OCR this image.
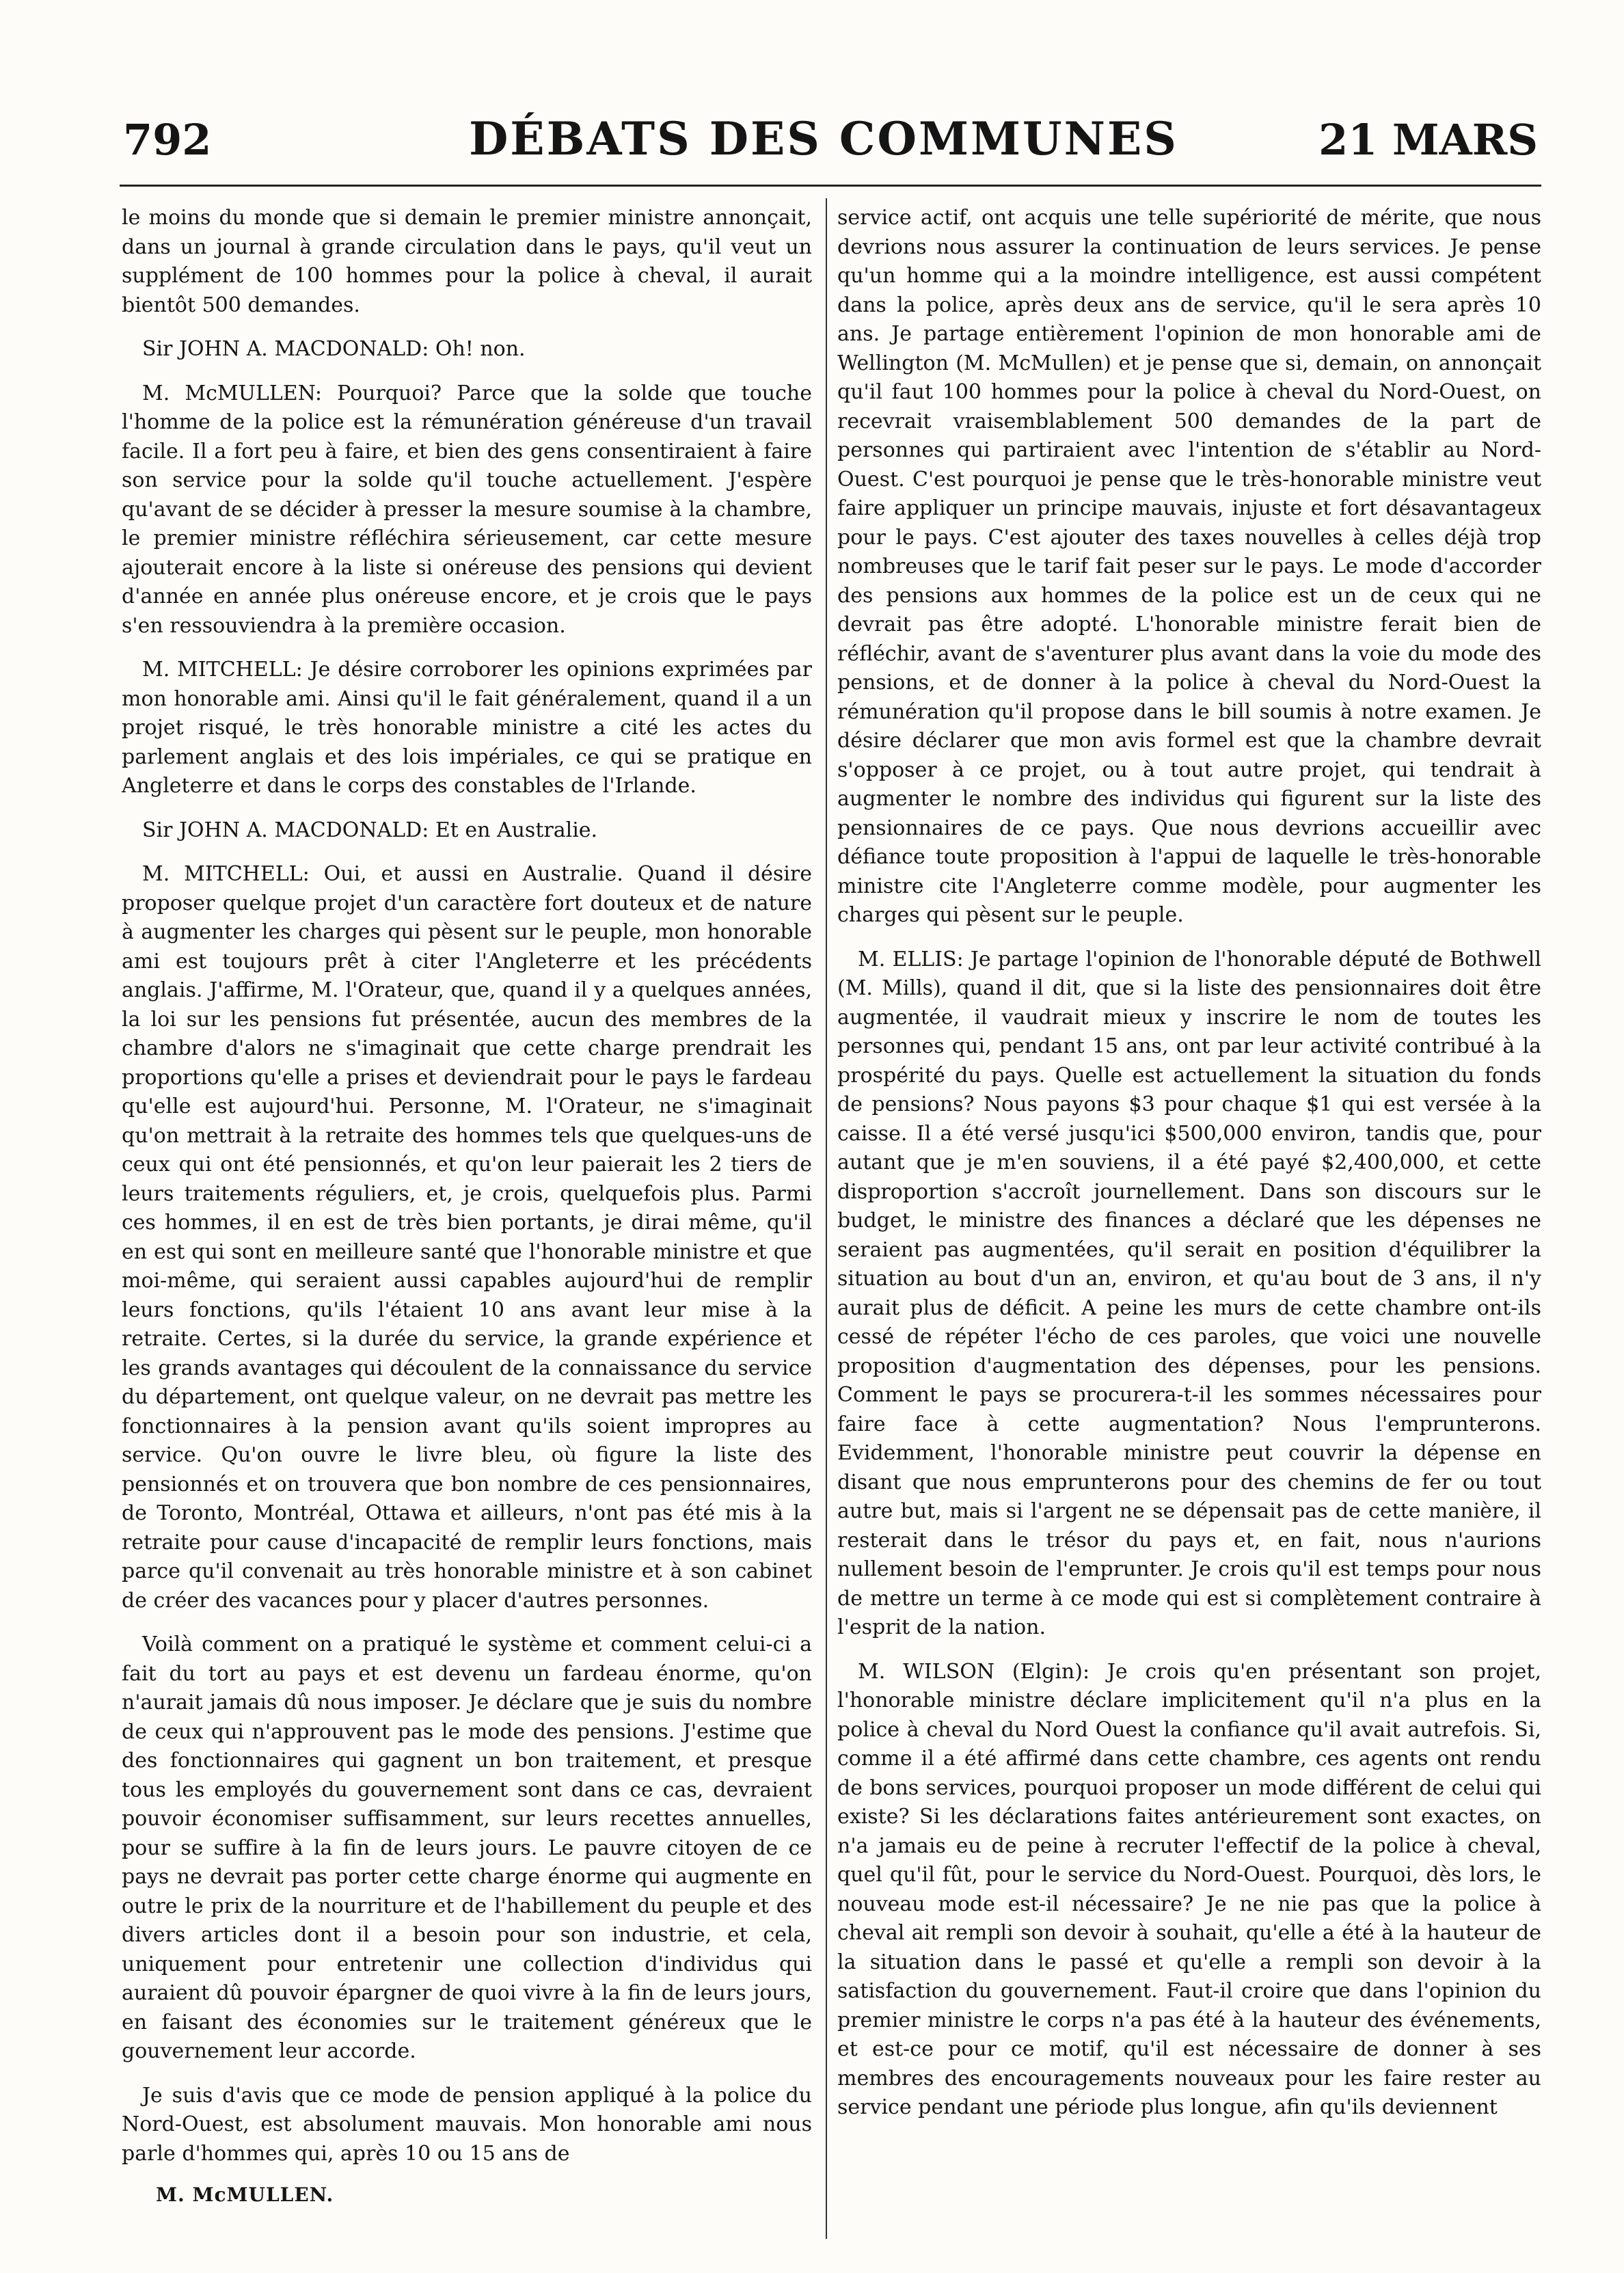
792	DÉBATS DES COMMUNES	21 MARS

le moins du monde que si demain le premier ministre annonçait, dans un journal à grande circulation dans le pays, qu'il veut un supplément de 100 hommes pour la police à cheval, il aurait bientôt 500 demandes.

Sir JOHN A. MACDONALD: Oh! non.

M. McMULLEN: Pourquoi? Parce que la solde que touche l'homme de la police est la rémunération généreuse d'un travail facile. Il a fort peu à faire, et bien des gens consentiraient à faire son service pour la solde qu'il touche actuellement. J'espère qu'avant de se décider à presser la mesure soumise à la chambre, le premier ministre réfléchira sérieusement, car cette mesure ajouterait encore à la liste si onéreuse des pensions qui devient d'année en année plus onéreuse encore, et je crois que le pays s'en ressouviendra à la première occasion.

M. MITCHELL: Je désire corroborer les opinions exprimées par mon honorable ami. Ainsi qu'il le fait généralement, quand il a un projet risqué, le très honorable ministre a cité les actes du parlement anglais et des lois impériales, ce qui se pratique en Angleterre et dans le corps des constables de l'Irlande.

Sir JOHN A. MACDONALD: Et en Australie.

M. MITCHELL: Oui, et aussi en Australie. Quand il désire proposer quelque projet d'un caractère fort douteux et de nature à augmenter les charges qui pèsent sur le peuple, mon honorable ami est toujours prêt à citer l'Angleterre et les précédents anglais. J'affirme, M. l'Orateur, que, quand il y a quelques années, la loi sur les pensions fut présentée, aucun des membres de la chambre d'alors ne s'imaginait que cette charge prendrait les proportions qu'elle a prises et deviendrait pour le pays le fardeau qu'elle est aujourd'hui. Personne, M. l'Orateur, ne s'imaginait qu'on mettrait à la retraite des hommes tels que quelques-uns de ceux qui ont été pensionnés, et qu'on leur paierait les 2 tiers de leurs traitements réguliers, et, je crois, quelquefois plus. Parmi ces hommes, il en est de très bien portants, je dirai même, qu'il en est qui sont en meilleure santé que l'honorable ministre et que moi-même, qui seraient aussi capables aujourd'hui de remplir leurs fonctions, qu'ils l'étaient 10 ans avant leur mise à la retraite. Certes, si la durée du service, la grande expérience et les grands avantages qui découlent de la connaissance du service du département, ont quelque valeur, on ne devrait pas mettre les fonctionnaires à la pension avant qu'ils soient impropres au service. Qu'on ouvre le livre bleu, où figure la liste des pensionnés et on trouvera que bon nombre de ces pensionnaires, de Toronto, Montréal, Ottawa et ailleurs, n'ont pas été mis à la retraite pour cause d'incapacité de remplir leurs fonctions, mais parce qu'il convenait au très honorable ministre et à son cabinet de créer des vacances pour y placer d'autres personnes.

Voilà comment on a pratiqué le système et comment celui-ci a fait du tort au pays et est devenu un fardeau énorme, qu'on n'aurait jamais dû nous imposer. Je déclare que je suis du nombre de ceux qui n'approuvent pas le mode des pensions. J'estime que des fonctionnaires qui gagnent un bon traitement, et presque tous les employés du gouvernement sont dans ce cas, devraient pouvoir économiser suffisamment, sur leurs recettes annuelles, pour se suffire à la fin de leurs jours. Le pauvre citoyen de ce pays ne devrait pas porter cette charge énorme qui augmente en outre le prix de la nourriture et de l'habillement du peuple et des divers articles dont il a besoin pour son industrie, et cela, uniquement pour entretenir une collection d'individus qui auraient dû pouvoir épargner de quoi vivre à la fin de leurs jours, en faisant des économies sur le traitement généreux que le gouvernement leur accorde.

Je suis d'avis que ce mode de pension appliqué à la police du Nord-Ouest, est absolument mauvais. Mon honorable ami nous parle d'hommes qui, après 10 ou 15 ans de

M. McMULLEN.

service actif, ont acquis une telle supériorité de mérite, que nous devrions nous assurer la continuation de leurs services. Je pense qu'un homme qui a la moindre intelligence, est aussi compétent dans la police, après deux ans de service, qu'il le sera après 10 ans. Je partage entièrement l'opinion de mon honorable ami de Wellington (M. McMullen) et je pense que si, demain, on annonçait qu'il faut 100 hommes pour la police à cheval du Nord-Ouest, on recevrait vraisemblablement 500 demandes de la part de personnes qui partiraient avec l'intention de s'établir au Nord-Ouest. C'est pourquoi je pense que le très-honorable ministre veut faire appliquer un principe mauvais, injuste et fort désavantageux pour le pays. C'est ajouter des taxes nouvelles à celles déjà trop nombreuses que le tarif fait peser sur le pays. Le mode d'accorder des pensions aux hommes de la police est un de ceux qui ne devrait pas être adopté. L'honorable ministre ferait bien de réfléchir, avant de s'aventurer plus avant dans la voie du mode des pensions, et de donner à la police à cheval du Nord-Ouest la rémunération qu'il propose dans le bill soumis à notre examen. Je désire déclarer que mon avis formel est que la chambre devrait s'opposer à ce projet, ou à tout autre projet, qui tendrait à augmenter le nombre des individus qui figurent sur la liste des pensionnaires de ce pays. Que nous devrions accueillir avec défiance toute proposition à l'appui de laquelle le très-honorable ministre cite l'Angleterre comme modèle, pour augmenter les charges qui pèsent sur le peuple.

M. ELLIS: Je partage l'opinion de l'honorable député de Bothwell (M. Mills), quand il dit, que si la liste des pensionnaires doit être augmentée, il vaudrait mieux y inscrire le nom de toutes les personnes qui, pendant 15 ans, ont par leur activité contribué à la prospérité du pays. Quelle est actuellement la situation du fonds de pensions? Nous payons $3 pour chaque $1 qui est versée à la caisse. Il a été versé jusqu'ici $500,000 environ, tandis que, pour autant que je m'en souviens, il a été payé $2,400,000, et cette disproportion s'accroît journellement. Dans son discours sur le budget, le ministre des finances a déclaré que les dépenses ne seraient pas augmentées, qu'il serait en position d'équilibrer la situation au bout d'un an, environ, et qu'au bout de 3 ans, il n'y aurait plus de déficit. A peine les murs de cette chambre ont-ils cessé de répéter l'écho de ces paroles, que voici une nouvelle proposition d'augmentation des dépenses, pour les pensions. Comment le pays se procurera-t-il les sommes nécessaires pour faire face à cette augmentation? Nous l'emprunterons. Evidemment, l'honorable ministre peut couvrir la dépense en disant que nous emprunterons pour des chemins de fer ou tout autre but, mais si l'argent ne se dépensait pas de cette manière, il resterait dans le trésor du pays et, en fait, nous n'aurions nullement besoin de l'emprunter. Je crois qu'il est temps pour nous de mettre un terme à ce mode qui est si complètement contraire à l'esprit de la nation.

M. WILSON (Elgin): Je crois qu'en présentant son projet, l'honorable ministre déclare implicitement qu'il n'a plus en la police à cheval du Nord Ouest la confiance qu'il avait autrefois. Si, comme il a été affirmé dans cette chambre, ces agents ont rendu de bons services, pourquoi proposer un mode différent de celui qui existe? Si les déclarations faites antérieurement sont exactes, on n'a jamais eu de peine à recruter l'effectif de la police à cheval, quel qu'il fût, pour le service du Nord-Ouest. Pourquoi, dès lors, le nouveau mode est-il nécessaire? Je ne nie pas que la police à cheval ait rempli son devoir à souhait, qu'elle a été à la hauteur de la situation dans le passé et qu'elle a rempli son devoir à la satisfaction du gouvernement. Faut-il croire que dans l'opinion du premier ministre le corps n'a pas été à la hauteur des événements, et est-ce pour ce motif, qu'il est nécessaire de donner à ses membres des encouragements nouveaux pour les faire rester au service pendant une période plus longue, afin qu'ils deviennent
